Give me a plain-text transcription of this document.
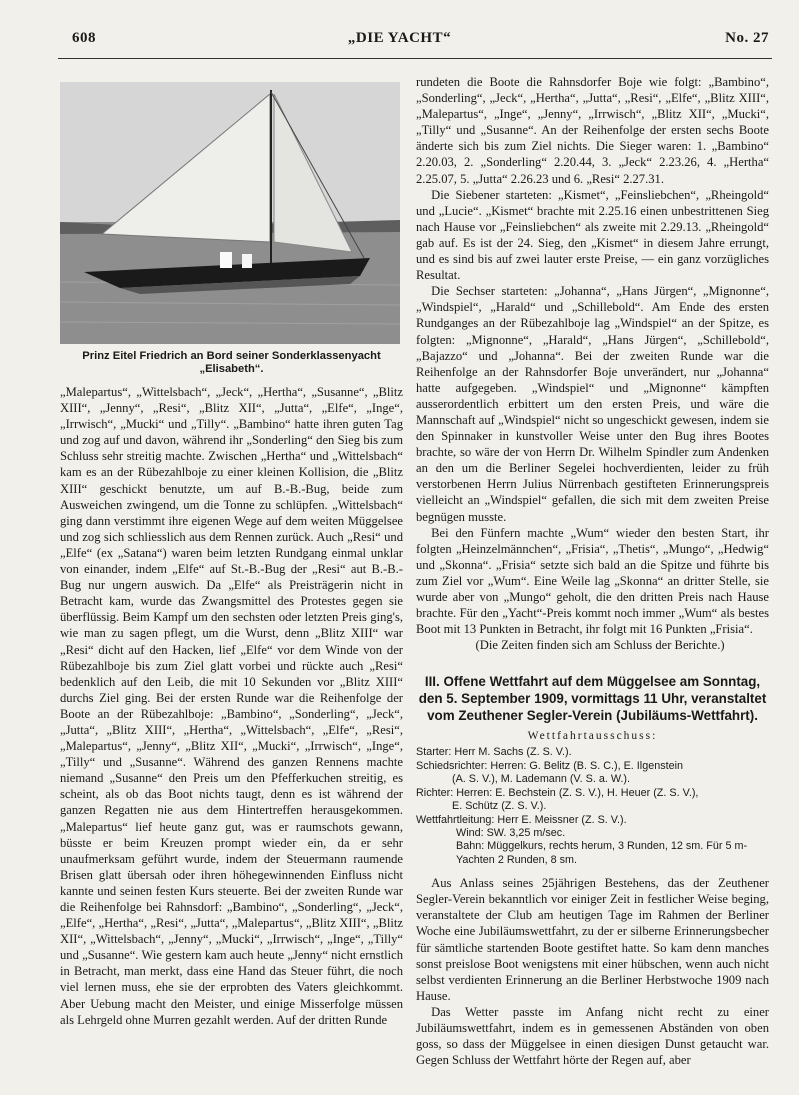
608	„DIE YACHT“	No. 27
Prinz Eitel Friedrich an Bord seiner Sonderklassenyacht
„Elisabeth“.

„Malepartus“, „Wittelsbach“, „Jeck“, „Hertha“, „Susanne“, „Blitz XIII“, „Jenny“, „Resi“, „Blitz XII“, „Jutta“, „Elfe“, „Inge“, „Irrwisch“, „Mucki“ und „Tilly“. „Bambino“ hatte ihren guten Tag und zog auf und davon, während ihr „Sonderling“ den Sieg bis zum Schluss sehr streitig machte. Zwischen „Hertha“ und „Wittelsbach“ kam es an der Rübezahlboje zu einer kleinen Kollision, die „Blitz XIII“ geschickt benutzte, um auf B.-B.-Bug, beide zum Ausweichen zwingend, um die Tonne zu schlüpfen. „Wittelsbach“ ging dann verstimmt ihre eigenen Wege auf dem weiten Müggelsee und zog sich schliesslich aus dem Rennen zurück. Auch „Resi“ und „Elfe“ (ex „Satana“) waren beim letzten Rundgang einmal unklar von einander, indem „Elfe“ auf St.-B.-Bug der „Resi“ aut B.-B.-Bug nur ungern auswich. Da „Elfe“ als Preisträgerin nicht in Betracht kam, wurde das Zwangsmittel des Protestes gegen sie überflüssig. Beim Kampf um den sechsten oder letzten Preis ging's, wie man zu sagen pflegt, um die Wurst, denn „Blitz XIII“ war „Resi“ dicht auf den Hacken, lief „Elfe“ vor dem Winde von der Rübezahlboje bis zum Ziel glatt vorbei und rückte auch „Resi“ bedenklich auf den Leib, die mit 10 Sekunden vor „Blitz XIII“ durchs Ziel ging. Bei der ersten Runde war die Reihenfolge der Boote an der Rübezahlboje: „Bambino“, „Sonderling“, „Jeck“, „Jutta“, „Blitz XIII“, „Hertha“, „Wittelsbach“, „Elfe“, „Resi“, „Malepartus“, „Jenny“, „Blitz XII“, „Mucki“, „Irrwisch“, „Inge“, „Tilly“ und „Susanne“. Während des ganzen Rennens machte niemand „Susanne“ den Preis um den Pfefferkuchen streitig, es scheint, als ob das Boot nichts taugt, denn es ist während der ganzen Regatten nie aus dem Hintertreffen herausgekommen. „Malepartus“ lief heute ganz gut, was er raumschots gewann, büsste er beim Kreuzen prompt wieder ein, da er sehr unaufmerksam geführt wurde, indem der Steuermann raumende Brisen glatt übersah oder ihren höhegewinnenden Einfluss nicht kannte und seinen festen Kurs steuerte. Bei der zweiten Runde war die Reihenfolge bei Rahnsdorf: „Bambino“, „Sonderling“, „Jeck“, „Elfe“, „Hertha“, „Resi“, „Jutta“, „Malepartus“, „Blitz XIII“, „Blitz XII“, „Wittelsbach“, „Jenny“, „Mucki“, „Irrwisch“, „Inge“, „Tilly“ und „Susanne“. Wie gestern kam auch heute „Jenny“ nicht ernstlich in Betracht, man merkt, dass eine Hand das Steuer führt, die noch viel lernen muss, ehe sie der erprobten des Vaters gleichkommt. Aber Uebung macht den Meister, und einige Misserfolge müssen als Lehrgeld ohne Murren gezahlt werden. Auf der dritten Runde

rundeten die Boote die Rahnsdorfer Boje wie folgt: „Bambino“, „Sonderling“, „Jeck“, „Hertha“, „Jutta“, „Resi“, „Elfe“, „Blitz XIII“, „Malepartus“, „Inge“, „Jenny“, „Irrwisch“, „Blitz XII“, „Mucki“, „Tilly“ und „Susanne“. An der Reihenfolge der ersten sechs Boote änderte sich bis zum Ziel nichts. Die Sieger waren: 1. „Bambino“ 2.20.03, 2. „Sonderling“ 2.20.44, 3. „Jeck“ 2.23.26, 4. „Hertha“ 2.25.07, 5. „Jutta“ 2.26.23 und 6. „Resi“ 2.27.31.

Die Siebener starteten: „Kismet“, „Feinsliebchen“, „Rheingold“ und „Lucie“. „Kismet“ brachte mit 2.25.16 einen unbestrittenen Sieg nach Hause vor „Feinsliebchen“ als zweite mit 2.29.13. „Rheingold“ gab auf. Es ist der 24. Sieg, den „Kismet“ in diesem Jahre errungt, und es sind bis auf zwei lauter erste Preise, — ein ganz vorzügliches Resultat.

Die Sechser starteten: „Johanna“, „Hans Jürgen“, „Mignonne“, „Windspiel“, „Harald“ und „Schillebold“. Am Ende des ersten Rundganges an der Rübezahlboje lag „Windspiel“ an der Spitze, es folgten: „Mignonne“, „Harald“, „Hans Jürgen“, „Schillebold“, „Bajazzo“ und „Johanna“. Bei der zweiten Runde war die Reihenfolge an der Rahnsdorfer Boje unverändert, nur „Johanna“ hatte aufgegeben. „Windspiel“ und „Mignonne“ kämpften ausserordentlich erbittert um den ersten Preis, und wäre die Mannschaft auf „Windspiel“ nicht so ungeschickt gewesen, indem sie den Spinnaker in kunstvoller Weise unter den Bug ihres Bootes brachte, so wäre der von Herrn Dr. Wilhelm Spindler zum Andenken an den um die Berliner Segelei hochverdienten, leider zu früh verstorbenen Herrn Julius Nürrenbach gestifteten Erinnerungspreis vielleicht an „Windspiel“ gefallen, die sich mit dem zweiten Preise begnügen musste.

Bei den Fünfern machte „Wum“ wieder den besten Start, ihr folgten „Heinzelmännchen“, „Frisia“, „Thetis“, „Mungo“, „Hedwig“ und „Skonna“. „Frisia“ setzte sich bald an die Spitze und führte bis zum Ziel vor „Wum“. Eine Weile lag „Skonna“ an dritter Stelle, sie wurde aber von „Mungo“ geholt, die den dritten Preis nach Hause brachte. Für den „Yacht“-Preis kommt noch immer „Wum“ als bestes Boot mit 13 Punkten in Betracht, ihr folgt mit 16 Punkten „Frisia“.

(Die Zeiten finden sich am Schluss der Berichte.)

III. Offene Wettfahrt auf dem Müggelsee am Sonntag, den 5. September 1909, vormittags 11 Uhr, veranstaltet vom Zeuthener Segler-Verein (Jubiläums-Wettfahrt).
Wettfahrtausschuss:
Starter: Herr M. Sachs (Z. S. V.).
Schiedsrichter: Herren: G. Belitz (B. S. C.), E. Ilgenstein
(A. S. V.), M. Lademann (V. S. a. W.).
Richter: Herren: E. Bechstein (Z. S. V.), H. Heuer (Z. S. V.),
E. Schütz (Z. S. V.).
Wettfahrtleitung: Herr E. Meissner (Z. S. V.).
Wind: SW. 3,25 m/sec.
Bahn: Müggelkurs, rechts herum, 3 Runden, 12 sm. Für 5 m-Yachten 2 Runden, 8 sm.

Aus Anlass seines 25jährigen Bestehens, das der Zeuthener Segler-Verein bekanntlich vor einiger Zeit in festlicher Weise beging, veranstaltete der Club am heutigen Tage im Rahmen der Berliner Woche eine Jubiläumswettfahrt, zu der er silberne Erinnerungsbecher für sämtliche startenden Boote gestiftet hatte. So kam denn manches sonst preislose Boot wenigstens mit einer hübschen, wenn auch nicht selbst verdienten Erinnerung an die Berliner Herbstwoche 1909 nach Hause.

Das Wetter passte im Anfang nicht recht zu einer Jubiläumswettfahrt, indem es in gemessenen Abständen von oben goss, so dass der Müggelsee in einen diesigen Dunst getaucht war. Gegen Schluss der Wettfahrt hörte der Regen auf, aber
